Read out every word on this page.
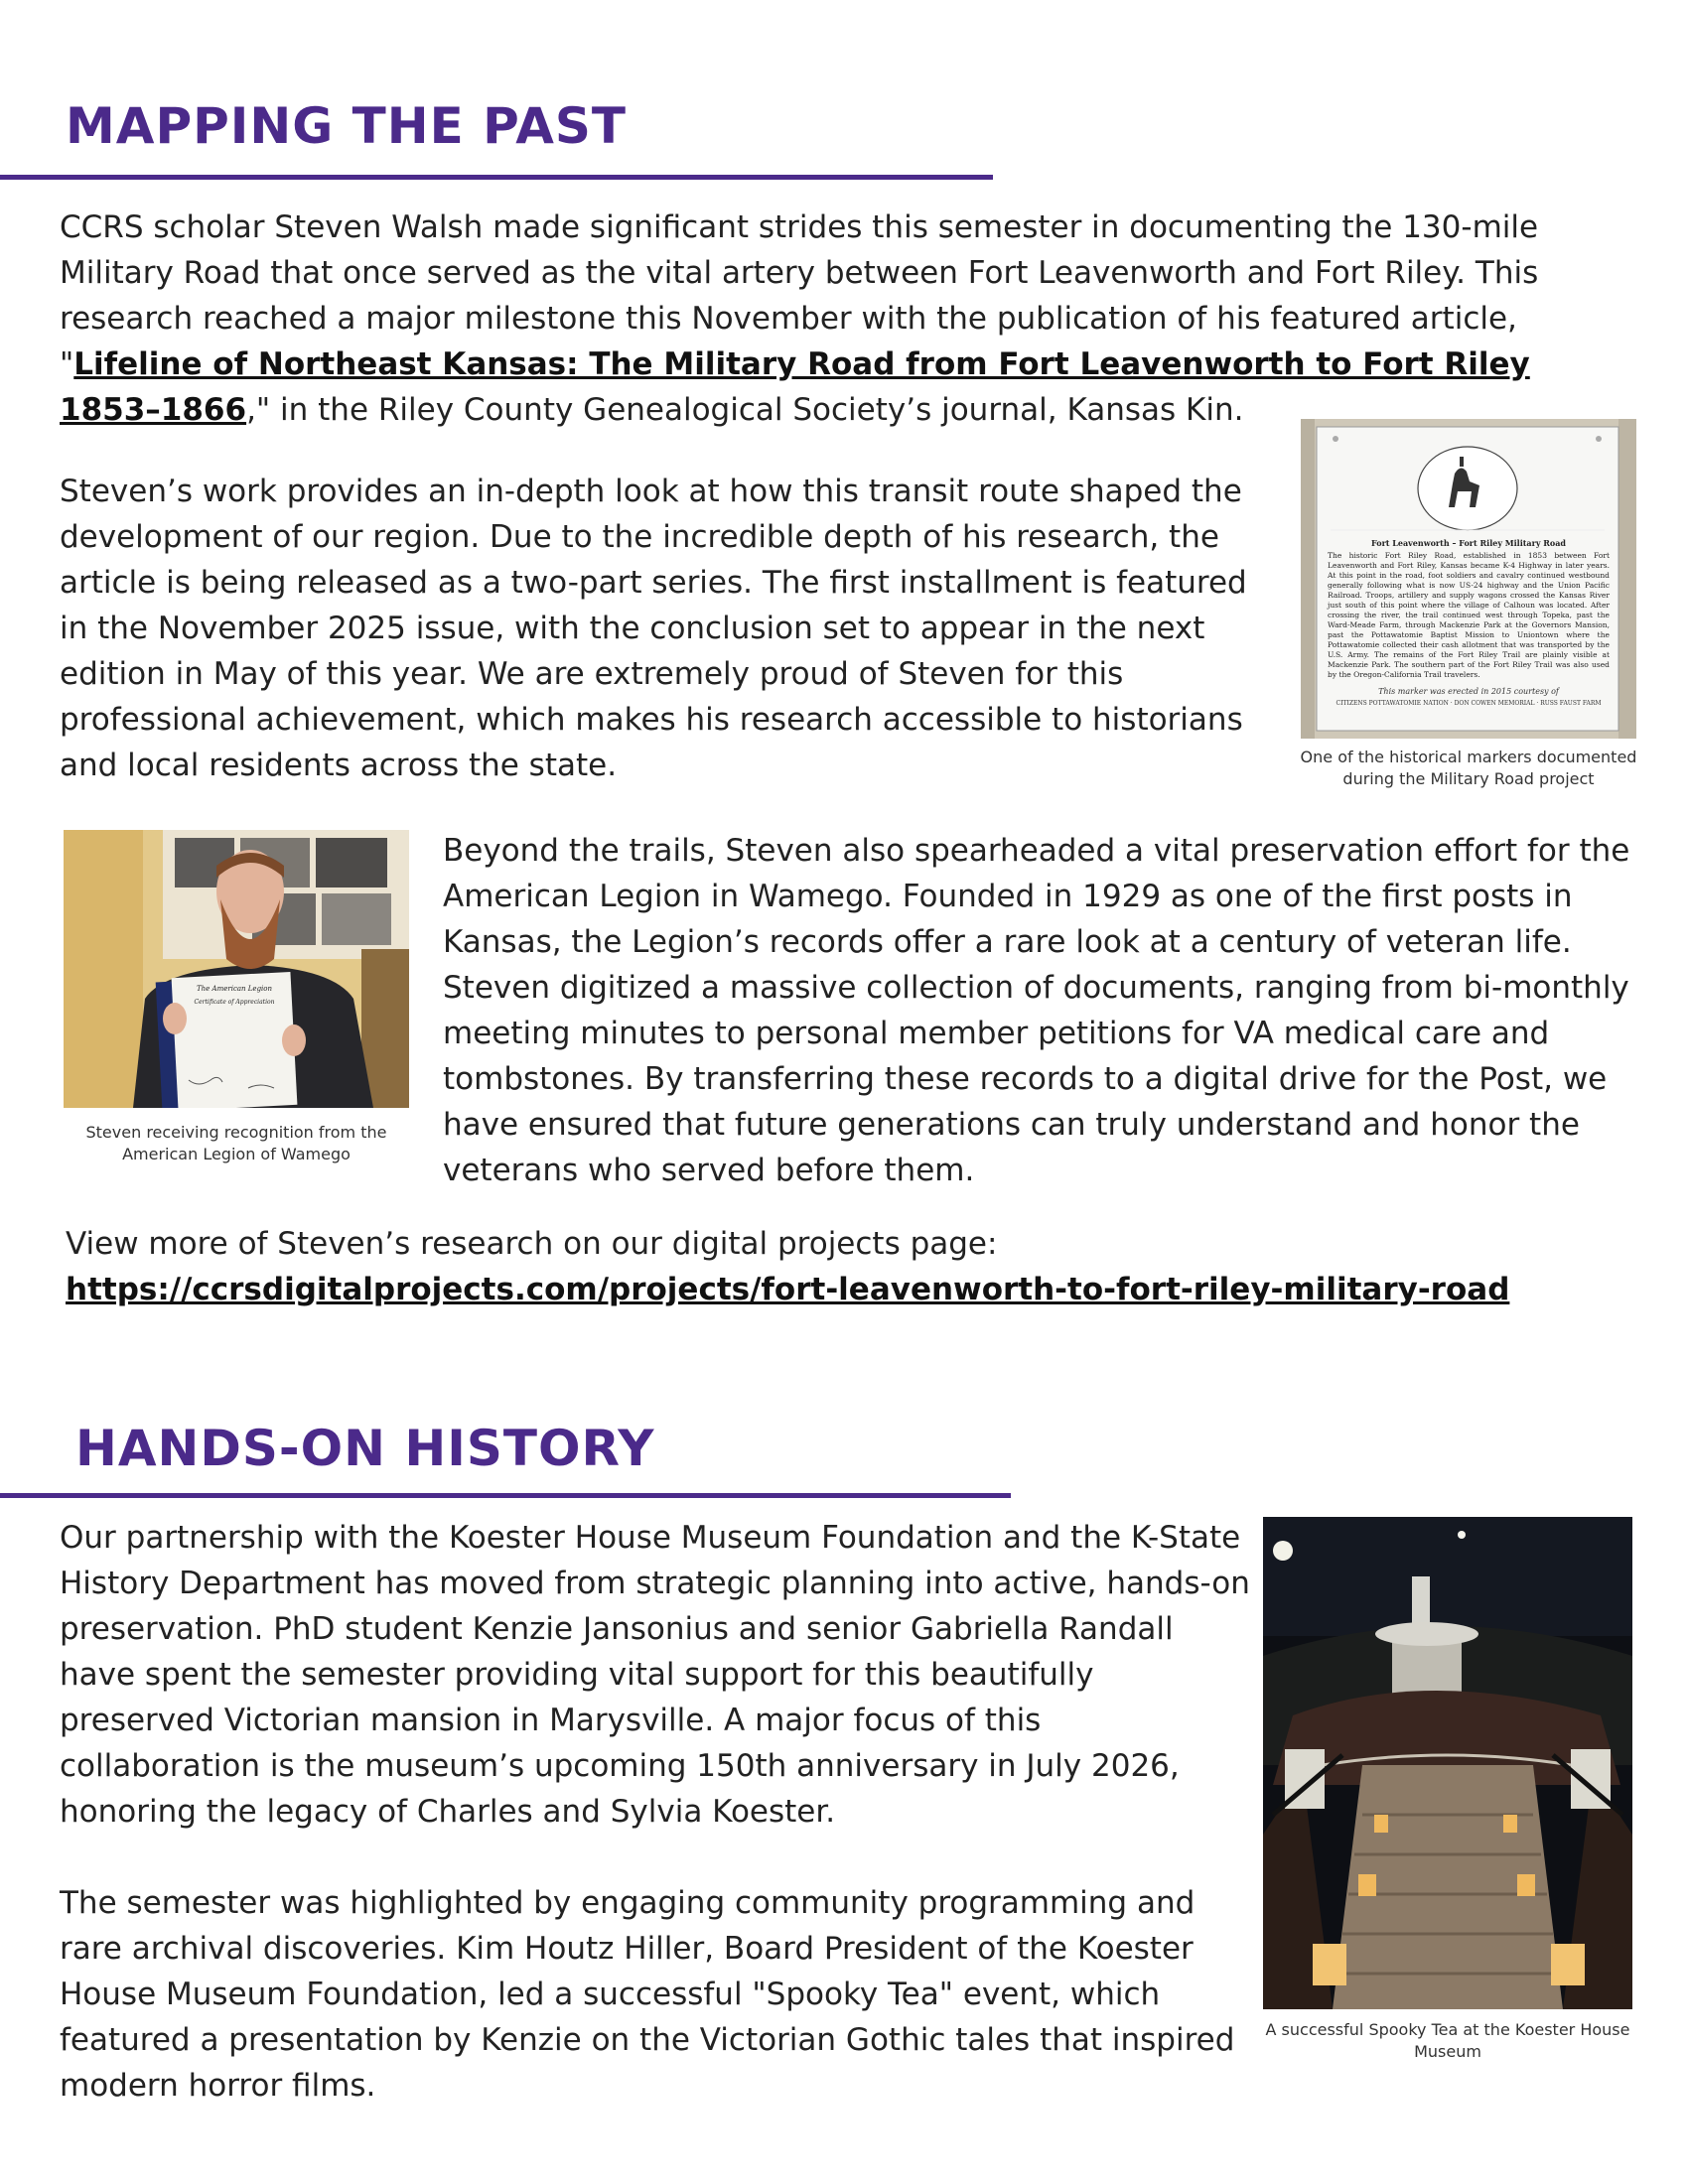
MAPPING THE PAST

CCRS scholar Steven Walsh made significant strides this semester in documenting the 130-mile Military Road that once served as the vital artery between Fort Leavenworth and Fort Riley. This research reached a major milestone this November with the publication of his featured article, "Lifeline of Northeast Kansas: The Military Road from Fort Leavenworth to Fort Riley 1853–1866," in the Riley County Genealogical Society’s journal, Kansas Kin.

Steven’s work provides an in-depth look at how this transit route shaped the development of our region. Due to the incredible depth of his research, the article is being released as a two-part series. The first installment is featured in the November 2025 issue, with the conclusion set to appear in the next edition in May of this year. We are extremely proud of Steven for this professional achievement, which makes his research accessible to historians and local residents across the state.

Fort Leavenworth – Fort Riley Military Road
The historic Fort Riley Road, established in 1853 between Fort Leavenworth and Fort Riley, Kansas became K-4 Highway in later years. At this point in the road, foot soldiers and cavalry continued westbound generally following what is now US-24 highway and the Union Pacific Railroad. Troops, artillery and supply wagons crossed the Kansas River just south of this point where the village of Calhoun was located. After crossing the river, the trail continued west through Topeka, past the Ward-Meade Farm, through Mackenzie Park at the Governors Mansion, past the Pottawatomie Baptist Mission to Uniontown where the Pottawatomie collected their cash allotment that was transported by the U.S. Army. The remains of the Fort Riley Trail are plainly visible at Mackenzie Park. The southern part of the Fort Riley Trail was also used by the Oregon-California Trail travelers.
This marker was erected in 2015 courtesy of
CITIZENS POTTAWATOMIE NATION · DON COWEN MEMORIAL · RUSS FAUST FARM
One of the historical markers documented during the Military Road project
The American Legion
Certificate of Appreciation
Steven receiving recognition from the American Legion of Wamego

Beyond the trails, Steven also spearheaded a vital preservation effort for the American Legion in Wamego. Founded in 1929 as one of the first posts in Kansas, the Legion’s records offer a rare look at a century of veteran life. Steven digitized a massive collection of documents, ranging from bi-monthly meeting minutes to personal member petitions for VA medical care and tombstones. By transferring these records to a digital drive for the Post, we have ensured that future generations can truly understand and honor the veterans who served before them.

View more of Steven’s research on our digital projects page:
https://ccrsdigitalprojects.com/projects/fort-leavenworth-to-fort-riley-military-road
HANDS-ON HISTORY

Our partnership with the Koester House Museum Foundation and the K-State History Department has moved from strategic planning into active, hands-on preservation. PhD student Kenzie Jansonius and senior Gabriella Randall have spent the semester providing vital support for this beautifully preserved Victorian mansion in Marysville. A major focus of this collaboration is the museum’s upcoming 150th anniversary in July 2026, honoring the legacy of Charles and Sylvia Koester.

The semester was highlighted by engaging community programming and rare archival discoveries. Kim Houtz Hiller, Board President of the Koester House Museum Foundation, led a successful "Spooky Tea" event, which featured a presentation by Kenzie on the Victorian Gothic tales that inspired modern horror films.

A successful Spooky Tea at the Koester House Museum
